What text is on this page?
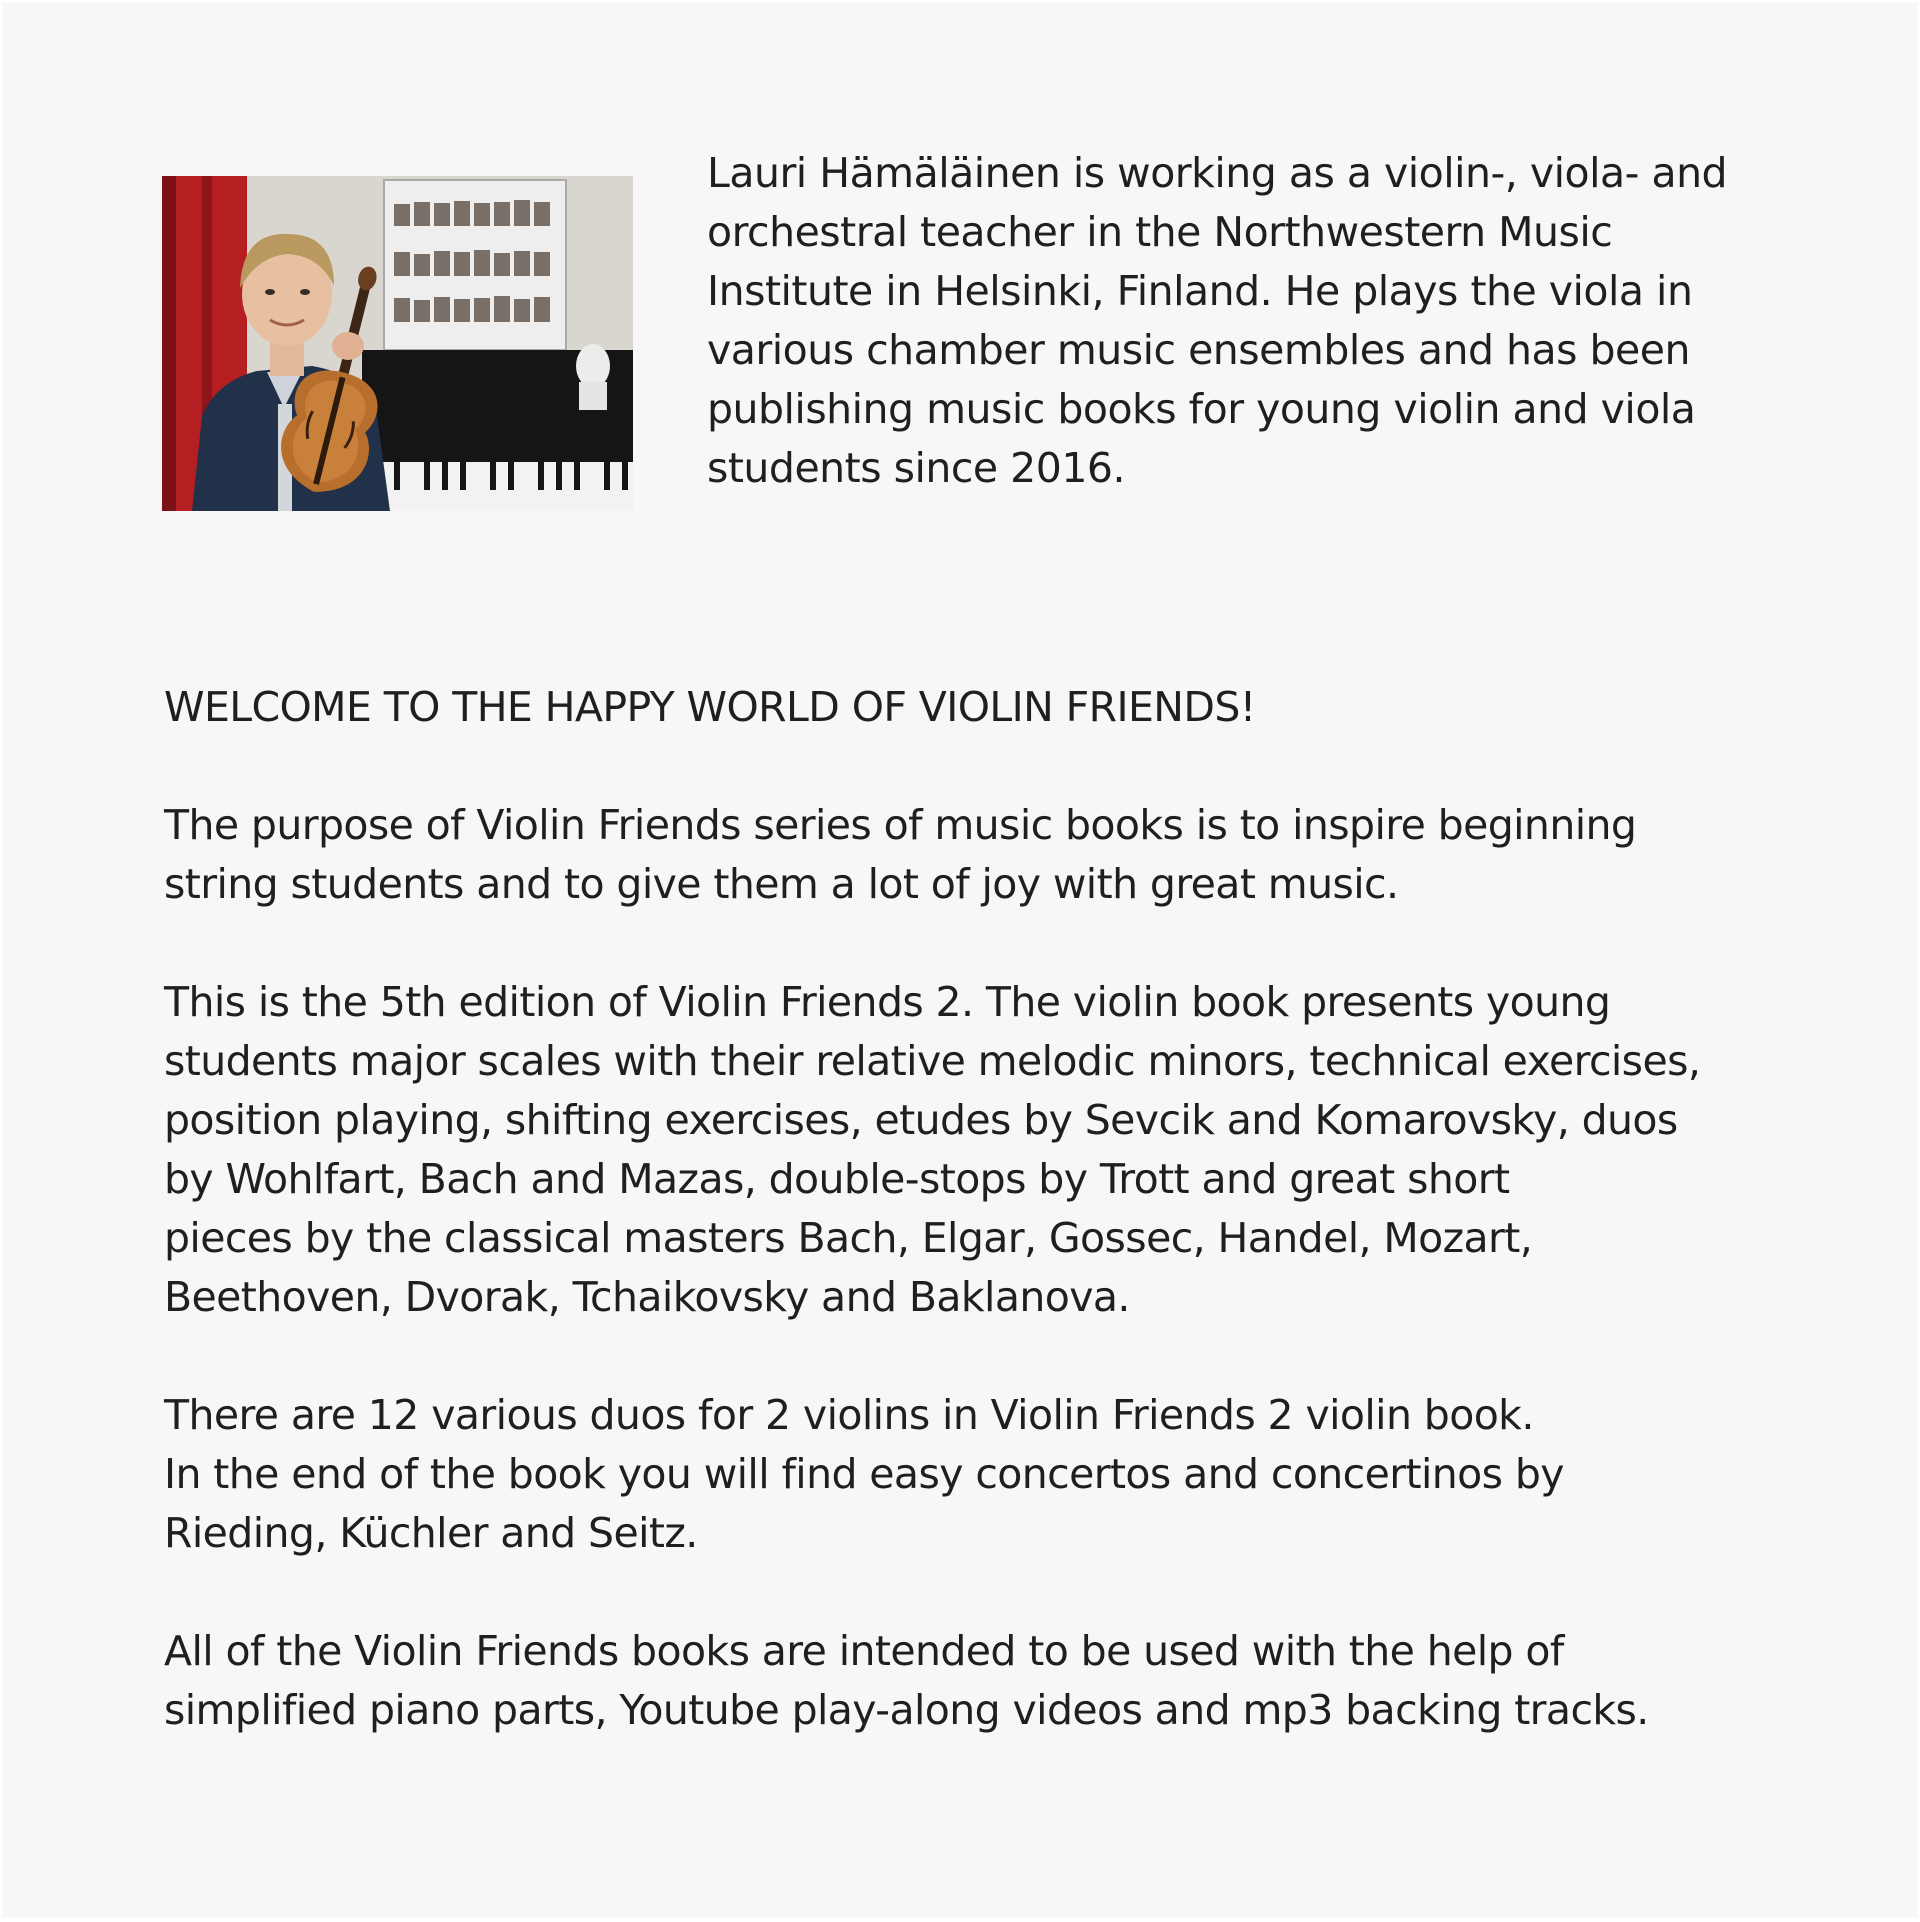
Lauri Hämäläinen is working as a violin-, viola- and
orchestral teacher in the Northwestern Music
Institute in Helsinki, Finland. He plays the viola in
various chamber music ensembles and has been
publishing music books for young violin and viola
students since 2016.

WELCOME TO THE HAPPY WORLD OF VIOLIN FRIENDS!

The purpose of Violin Friends series of music books is to inspire beginning
string students and to give them a lot of joy with great music.

This is the 5th edition of Violin Friends 2. The violin book presents young
students major scales with their relative melodic minors, technical exercises,
position playing, shifting exercises, etudes by Sevcik and Komarovsky, duos
by Wohlfart, Bach and Mazas, double-stops by Trott and great short
pieces by the classical masters Bach, Elgar, Gossec, Handel, Mozart,
Beethoven, Dvorak, Tchaikovsky and Baklanova.

There are 12 various duos for 2 violins in Violin Friends 2 violin book.
In the end of the book you will find easy concertos and concertinos by
Rieding, Küchler and Seitz.

All of the Violin Friends books are intended to be used with the help of
simplified piano parts, Youtube play-along videos and mp3 backing tracks.
